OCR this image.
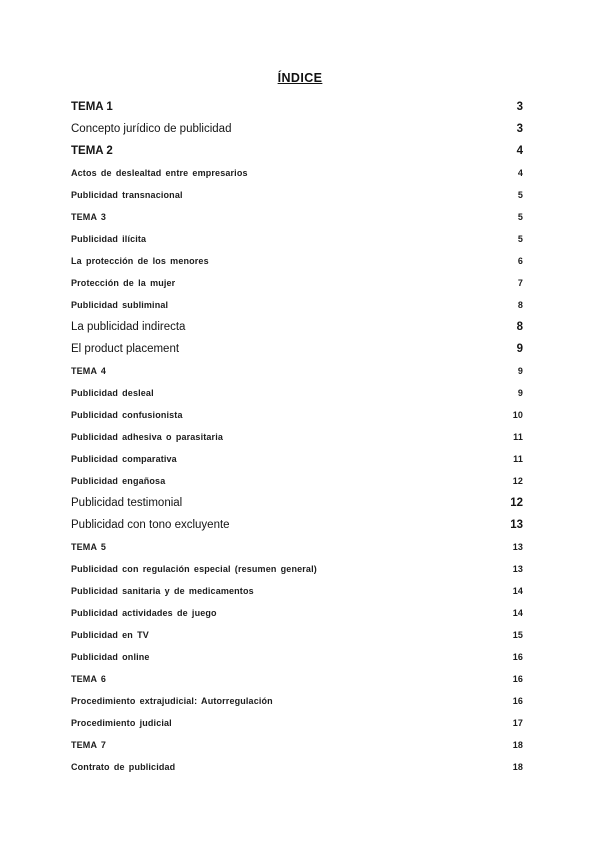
ÍNDICE
TEMA 1	3
Concepto jurídico de publicidad	3
TEMA 2	4
Actos de deslealtad entre empresarios	4
Publicidad transnacional	5
TEMA 3	5
Publicidad ilícita	5
La protección de los menores	6
Protección de la mujer	7
Publicidad subliminal	8
La publicidad indirecta	8
El product placement	9
TEMA 4	9
Publicidad desleal	9
Publicidad confusionista	10
Publicidad adhesiva o parasitaria	11
Publicidad comparativa	11
Publicidad engañosa	12
Publicidad testimonial	12
Publicidad con tono excluyente	13
TEMA 5	13
Publicidad con regulación especial (resumen general)	13
Publicidad sanitaria y de medicamentos	14
Publicidad actividades de juego	14
Publicidad en TV	15
Publicidad online	16
TEMA 6	16
Procedimiento extrajudicial: Autorregulación	16
Procedimiento judicial	17
TEMA 7	18
Contrato de publicidad	18
